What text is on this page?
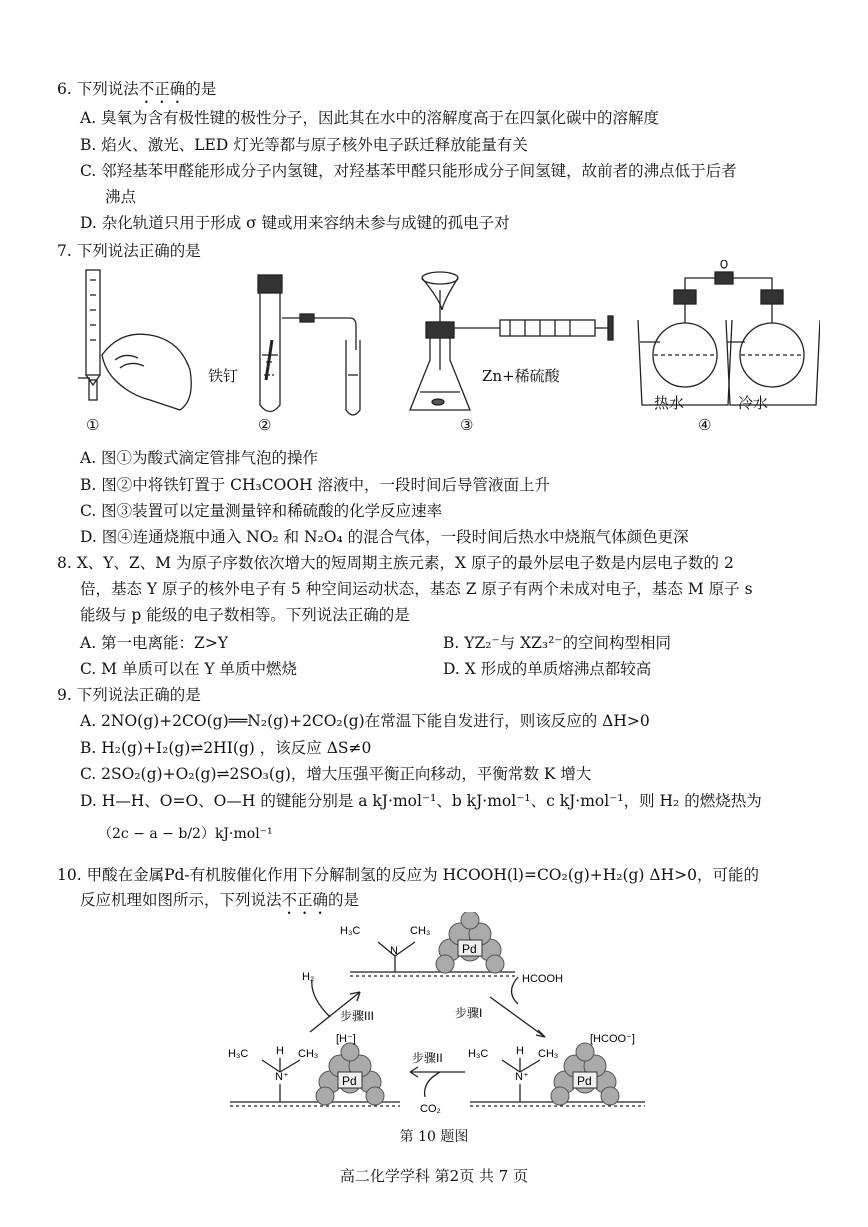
6. 下列说法不正确的是
A. 臭氧为含有极性键的极性分子，因此其在水中的溶解度高于在四氯化碳中的溶解度
B. 焰火、激光、LED 灯光等都与原子核外电子跃迁释放能量有关
C. 邻羟基苯甲醛能形成分子内氢键，对羟基苯甲醛只能形成分子间氢键，故前者的沸点低于后者
沸点
D. 杂化轨道只用于形成 σ 键或用来容纳未参与成键的孤电子对
7. 下列说法正确的是
铁钉	Zn+稀硫酸
热水	冷水
①	②	③	④
A. 图①为酸式滴定管排气泡的操作
B. 图②中将铁钉置于 CH₃COOH 溶液中，一段时间后导管液面上升
C. 图③装置可以定量测量锌和稀硫酸的化学反应速率
D. 图④连通烧瓶中通入 NO₂ 和 N₂O₄ 的混合气体，一段时间后热水中烧瓶气体颜色更深
8. X、Y、Z、M 为原子序数依次增大的短周期主族元素，X 原子的最外层电子数是内层电子数的 2
倍，基态 Y 原子的核外电子有 5 种空间运动状态，基态 Z 原子有两个未成对电子，基态 M 原子 s
能级与 p 能级的电子数相等。下列说法正确的是
A. 第一电离能：Z>Y	B. YZ₂⁻与 XZ₃²⁻的空间构型相同
C. M 单质可以在 Y 单质中燃烧	D. X 形成的单质熔沸点都较高
9. 下列说法正确的是
A. 2NO(g)+2CO(g)══N₂(g)+2CO₂(g)在常温下能自发进行，则该反应的 ΔH>0
B. H₂(g)+I₂(g)⇌2HI(g) ，该反应 ΔS≠0
C. 2SO₂(g)+O₂(g)⇌2SO₃(g)，增大压强平衡正向移动，平衡常数 K 增大
D. H—H、O=O、O—H 的键能分别是 a kJ·mol⁻¹、b kJ·mol⁻¹、c kJ·mol⁻¹，则 H₂ 的燃烧热为
（2c − a − b/2）kJ·mol⁻¹
10. 甲酸在金属Pd-有机胺催化作用下分解制氢的反应为 HCOOH(l)=CO₂(g)+H₂(g) ΔH>0，可能的
反应机理如图所示，下列说法不正确的是
Pd
H₃C
N
CH₃
Pd
H₃C	H
N⁺
CH₃
[H⁻]
Pd
H₃C	H
N⁺
CH₃
[HCOO⁻]
H₂	HCOOH
步骤I
步骤II
步骤III
CO₂
第 10 题图
高二化学学科 第2页 共 7 页
